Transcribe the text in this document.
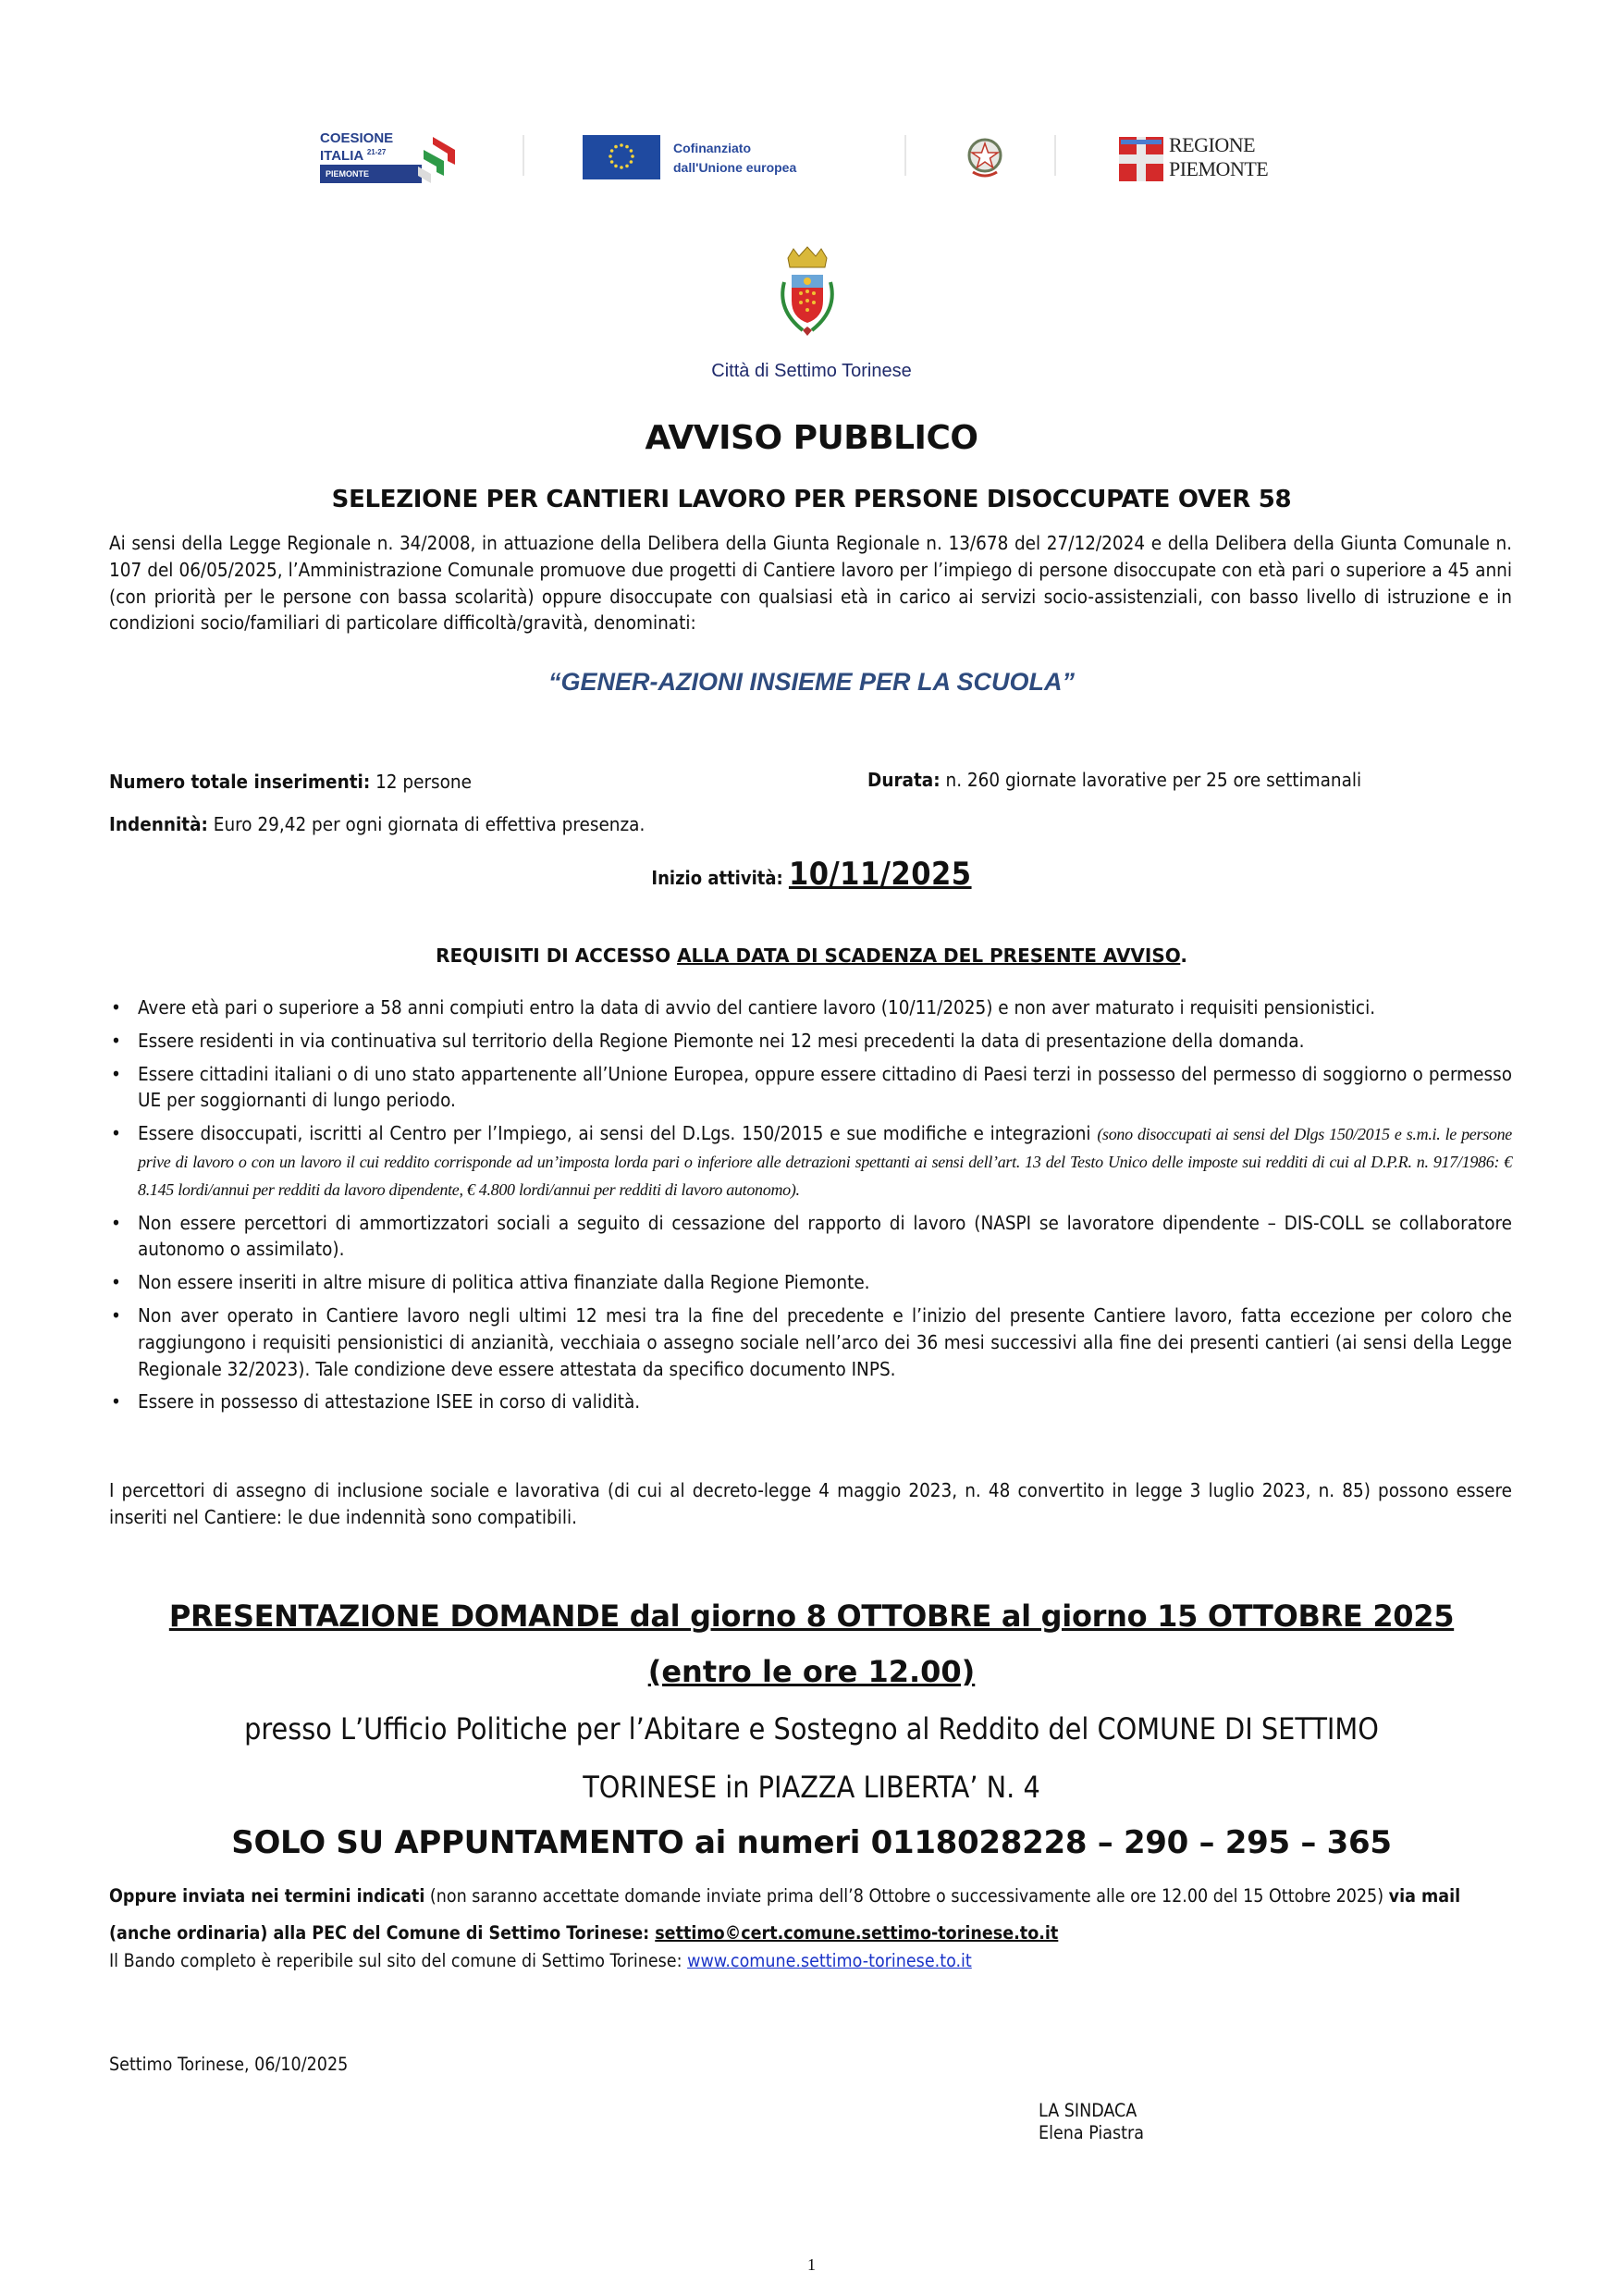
COESIONE
ITALIA $^{21-27}$
PIEMONTE
Cofinanziato
dall'Unione europea
REGIONE
PIEMONTE
Città di Settimo Torinese
AVVISO PUBBLICO
SELEZIONE PER CANTIERI LAVORO PER PERSONE DISOCCUPATE OVER 58
Ai sensi della Legge Regionale n. 34/2008, in attuazione della Delibera della Giunta Regionale n. 13/678 del 27/12/2024 e della Delibera della Giunta Comunale n. 107 del 06/05/2025, l’Amministrazione Comunale promuove due progetti di Cantiere lavoro per l’impiego di persone disoccupate con età pari o superiore a 45 anni (con priorità per le persone con bassa scolarità) oppure disoccupate con qualsiasi età in carico ai servizi socio-assistenziali, con basso livello di istruzione e in condizioni socio/familiari di particolare difficoltà/gravità, denominati:
“GENER-AZIONI INSIEME PER LA SCUOLA”
Numero totale inserimenti: 12 persone	Durata: n. 260 giornate lavorative per 25 ore settimanali
Indennità: Euro 29,42 per ogni giornata di effettiva presenza.
Inizio attività: 10/11/2025
REQUISITI DI ACCESSO ALLA DATA DI SCADENZA DEL PRESENTE AVVISO.
• Avere età pari o superiore a 58 anni compiuti entro la data di avvio del cantiere lavoro (10/11/2025) e non aver maturato i requisiti pensionistici.
• Essere residenti in via continuativa sul territorio della Regione Piemonte nei 12 mesi precedenti la data di presentazione della domanda.
• Essere cittadini italiani o di uno stato appartenente all’Unione Europea, oppure essere cittadino di Paesi terzi in possesso del permesso di soggiorno o permesso UE per soggiornanti di lungo periodo.
• Essere disoccupati, iscritti al Centro per l’Impiego, ai sensi del D.Lgs. 150/2015 e sue modifiche e integrazioni (sono disoccupati ai sensi del Dlgs 150/2015 e s.m.i. le persone prive di lavoro o con un lavoro il cui reddito corrisponde ad un’imposta lorda pari o inferiore alle detrazioni spettanti ai sensi dell’art. 13 del Testo Unico delle imposte sui redditi di cui al D.P.R. n. 917/1986: € 8.145 lordi/annui per redditi da lavoro dipendente, € 4.800 lordi/annui per redditi di lavoro autonomo).
• Non essere percettori di ammortizzatori sociali a seguito di cessazione del rapporto di lavoro (NASPI se lavoratore dipendente – DIS-COLL se collaboratore autonomo o assimilato).
• Non essere inseriti in altre misure di politica attiva finanziate dalla Regione Piemonte.
• Non aver operato in Cantiere lavoro negli ultimi 12 mesi tra la fine del precedente e l’inizio del presente Cantiere lavoro, fatta eccezione per coloro che raggiungono i requisiti pensionistici di anzianità, vecchiaia o assegno sociale nell’arco dei 36 mesi successivi alla fine dei presenti cantieri (ai sensi della Legge Regionale 32/2023). Tale condizione deve essere attestata da specifico documento INPS.
• Essere in possesso di attestazione ISEE in corso di validità.
I percettori di assegno di inclusione sociale e lavorativa (di cui al decreto-legge 4 maggio 2023, n. 48 convertito in legge 3 luglio 2023, n. 85) possono essere inseriti nel Cantiere: le due indennità sono compatibili.
PRESENTAZIONE DOMANDE dal giorno 8 OTTOBRE al giorno 15 OTTOBRE 2025
(entro le ore 12.00)
presso L’Ufficio Politiche per l’Abitare e Sostegno al Reddito del COMUNE DI SETTIMO
TORINESE in PIAZZA LIBERTA’ N. 4
SOLO SU APPUNTAMENTO ai numeri 0118028228 – 290 – 295 – 365
Oppure inviata nei termini indicati (non saranno accettate domande inviate prima dell’8 Ottobre o successivamente alle ore 12.00 del 15 Ottobre 2025) via mail (anche ordinaria) alla PEC del Comune di Settimo Torinese: settimo©cert.comune.settimo-torinese.to.it
Il Bando completo è reperibile sul sito del comune di Settimo Torinese: www.comune.settimo-torinese.to.it
Settimo Torinese, 06/10/2025
LA SINDACA
Elena Piastra
1
